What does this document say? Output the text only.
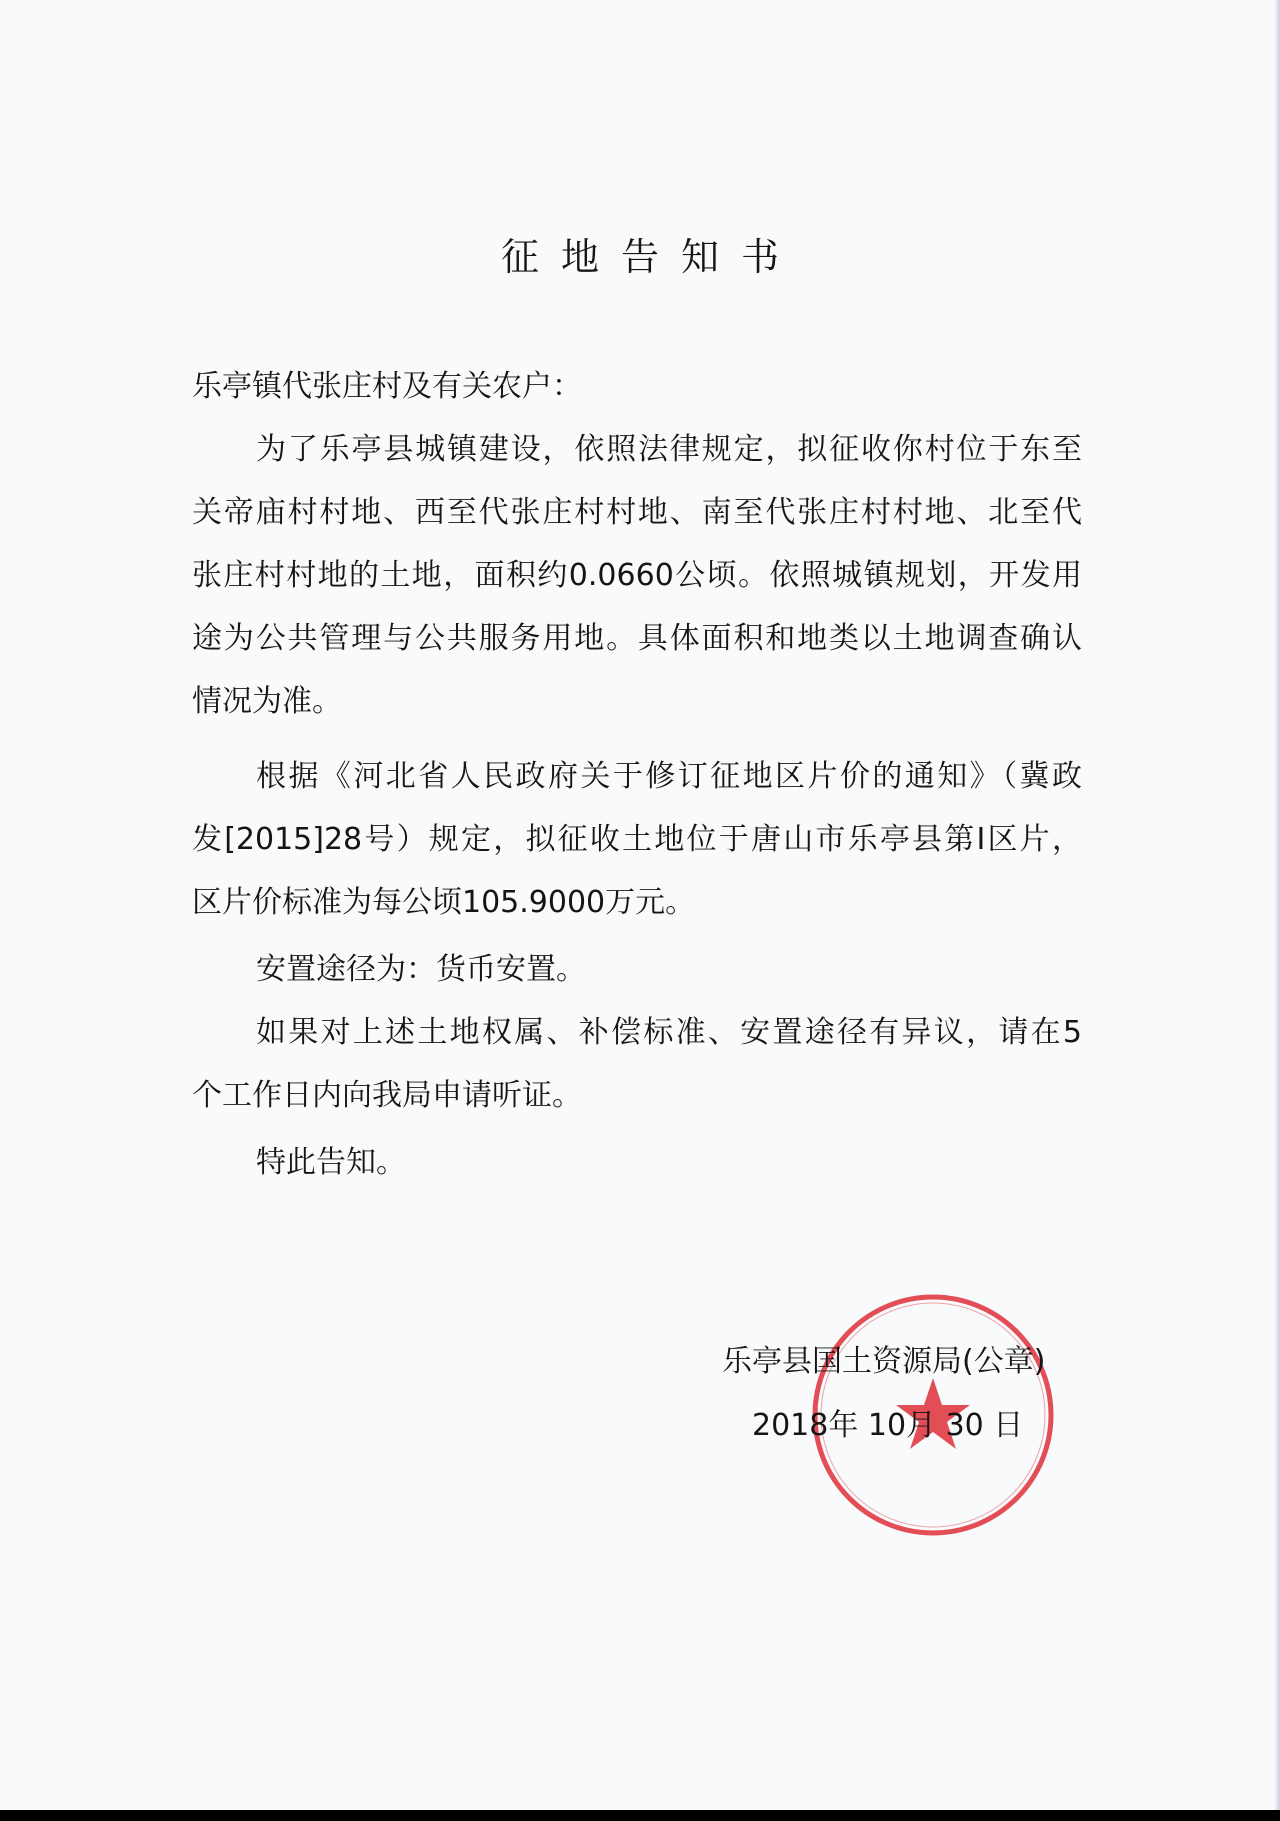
征地告知书
乐亭镇代张庄村及有关农户：
为了乐亭县城镇建设，依照法律规定，拟征收你村位于东至
关帝庙村村地、西至代张庄村村地、南至代张庄村村地、北至代
张庄村村地的土地，面积约0.0660公顷。依照城镇规划，开发用
途为公共管理与公共服务用地。具体面积和地类以土地调查确认
情况为准。
根据《河北省人民政府关于修订征地区片价的通知》（冀政
发[2015]28号）规定，拟征收土地位于唐山市乐亭县第I区片，
区片价标准为每公顷105.9000万元。
安置途径为：货币安置。
如果对上述土地权属、补偿标准、安置途径有异议，请在5
个工作日内向我局申请听证。
特此告知。
乐亭县国土资源局(公章)
2018年 10月 30 日
